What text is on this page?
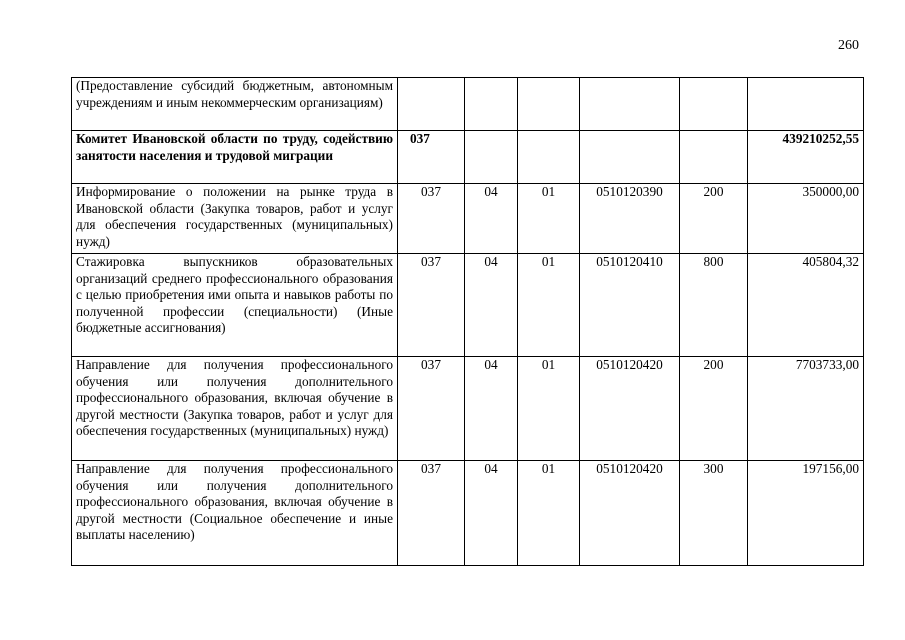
260
(Предоставление субсидий бюджетным, автономным учреждениям и иным некоммерческим организациям)						
Комитет Ивановской области по труду, содействию занятости населения и трудовой миграции	037					439210252,55
Информирование о положении на рынке труда в Ивановской области (Закупка товаров, работ и услуг для обеспечения государственных (муниципальных) нужд)	037	04	01	0510120390	200	350000,00
Стажировка выпускников образовательных организаций среднего профессионального образования с целью приобретения ими опыта и навыков работы по полученной профессии (специальности) (Иные бюджетные ассигнования)	037	04	01	0510120410	800	405804,32
Направление для получения профессионального обучения или получения дополнительного профессионального образования, включая обучение в другой местности (Закупка товаров, работ и услуг для обеспечения государственных (муниципальных) нужд)	037	04	01	0510120420	200	7703733,00
Направление для получения профессионального обучения или получения дополнительного профессионального образования, включая обучение в другой местности (Социальное обеспечение и иные выплаты населению)	037	04	01	0510120420	300	197156,00
